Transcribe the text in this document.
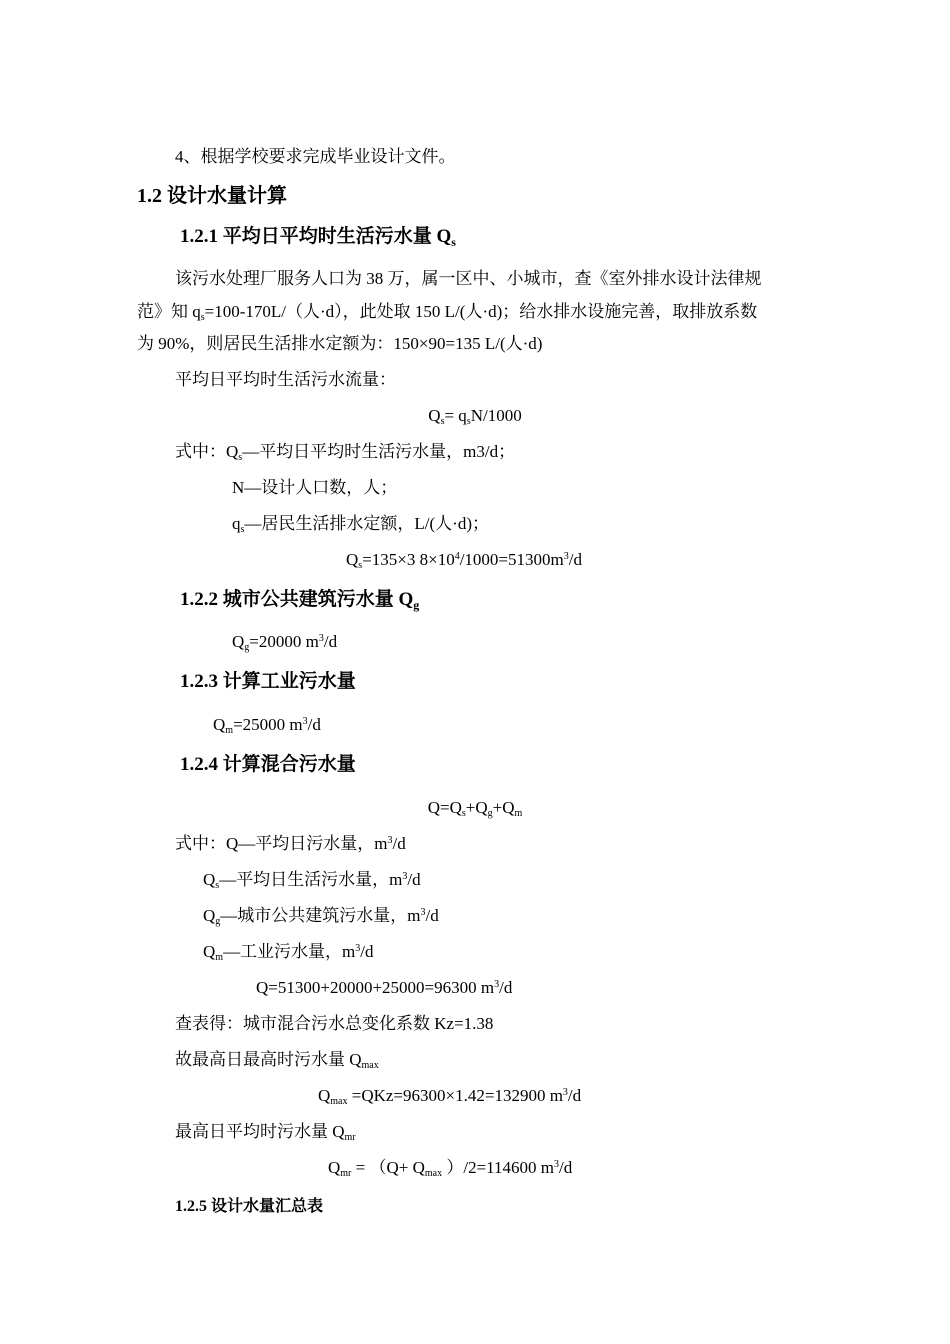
4、根据学校要求完成毕业设计文件。
1.2 设计水量计算
1.2.1 平均日平均时生活污水量 $Q_s$
该污水处理厂服务人口为 38 万，属一区中、小城市，查《室外排水设计法律规
范》知 $q_s=100-170L/$（人·d），此处取 150 L/(人·d)；给水排水设施完善，取排放系数
为 90%，则居民生活排水定额为：150×90=135 L/(人·d)
平均日平均时生活污水流量：
$Q_s= q_sN/1000$
式中：$Q_s—$平均日平均时生活污水量，m3/d；
N—设计人口数，人；
$q_s—$居民生活排水定额，L/(人·d)；
$Q_s=135\times 3$ $8\times 10^4/1000=51300m^3/d$
1.2.2 城市公共建筑污水量 $Q_g$
$Q_g=20000$ $m^3/d$
1.2.3 计算工业污水量
$Q_m=25000$ $m^3/d$
1.2.4 计算混合污水量
$Q=Q_s+Q_g+Q_m$
式中：Q—平均日污水量，$m^3/d$
$Q_s—$平均日生活污水量，$m^3/d$
$Q_g—$城市公共建筑污水量，$m^3/d$
$Q_m—$工业污水量，$m^3/d$
Q=51300+20000+25000=96300 $m^3/d$
查表得：城市混合污水总变化系数 Kz=1.38
故最高日最高时污水量 $Q_{max}$
$Q_{max} =QKz=96300\times 1.42=132900$ $m^3/d$
最高日平均时污水量 $Q_{mr}$
$Q_{mr} = (Q+ Q_{max}$ ）/2=114600 $m^3/d$
1.2.5 设计水量汇总表
